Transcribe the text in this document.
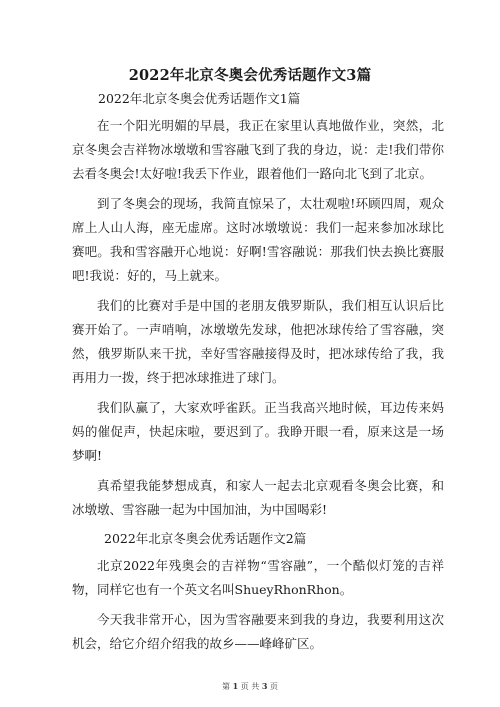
2022年北京冬奥会优秀话题作文3篇
2022年北京冬奥会优秀话题作文1篇

在一个阳光明媚的早晨，我正在家里认真地做作业，突然，北京冬奥会吉祥物冰墩墩和雪容融飞到了我的身边，说：走!我们带你去看冬奥会!太好啦!我丢下作业，跟着他们一路向北飞到了北京。

到了冬奥会的现场，我简直惊呆了，太壮观啦!环顾四周，观众席上人山人海，座无虚席。这时冰墩墩说：我们一起来参加冰球比赛吧。我和雪容融开心地说：好啊!雪容融说：那我们快去换比赛服吧!我说：好的，马上就来。

我们的比赛对手是中国的老朋友俄罗斯队，我们相互认识后比赛开始了。一声哨响，冰墩墩先发球，他把冰球传给了雪容融，突然，俄罗斯队来干扰，幸好雪容融接得及时，把冰球传给了我，我再用力一拨，终于把冰球推进了球门。

我们队赢了，大家欢呼雀跃。正当我高兴地时候，耳边传来妈妈的催促声，快起床啦，要迟到了。我睁开眼一看，原来这是一场梦啊!

真希望我能梦想成真，和家人一起去北京观看冬奥会比赛，和冰墩墩、雪容融一起为中国加油，为中国喝彩!

2022年北京冬奥会优秀话题作文2篇

北京2022年残奥会的吉祥物“雪容融”，一个酷似灯笼的吉祥物，同样它也有一个英文名叫ShueyRhonRhon。

今天我非常开心，因为雪容融要来到我的身边，我要利用这次机会，给它介绍介绍我的故乡——峰峰矿区。

第 1 页 共 3 页
